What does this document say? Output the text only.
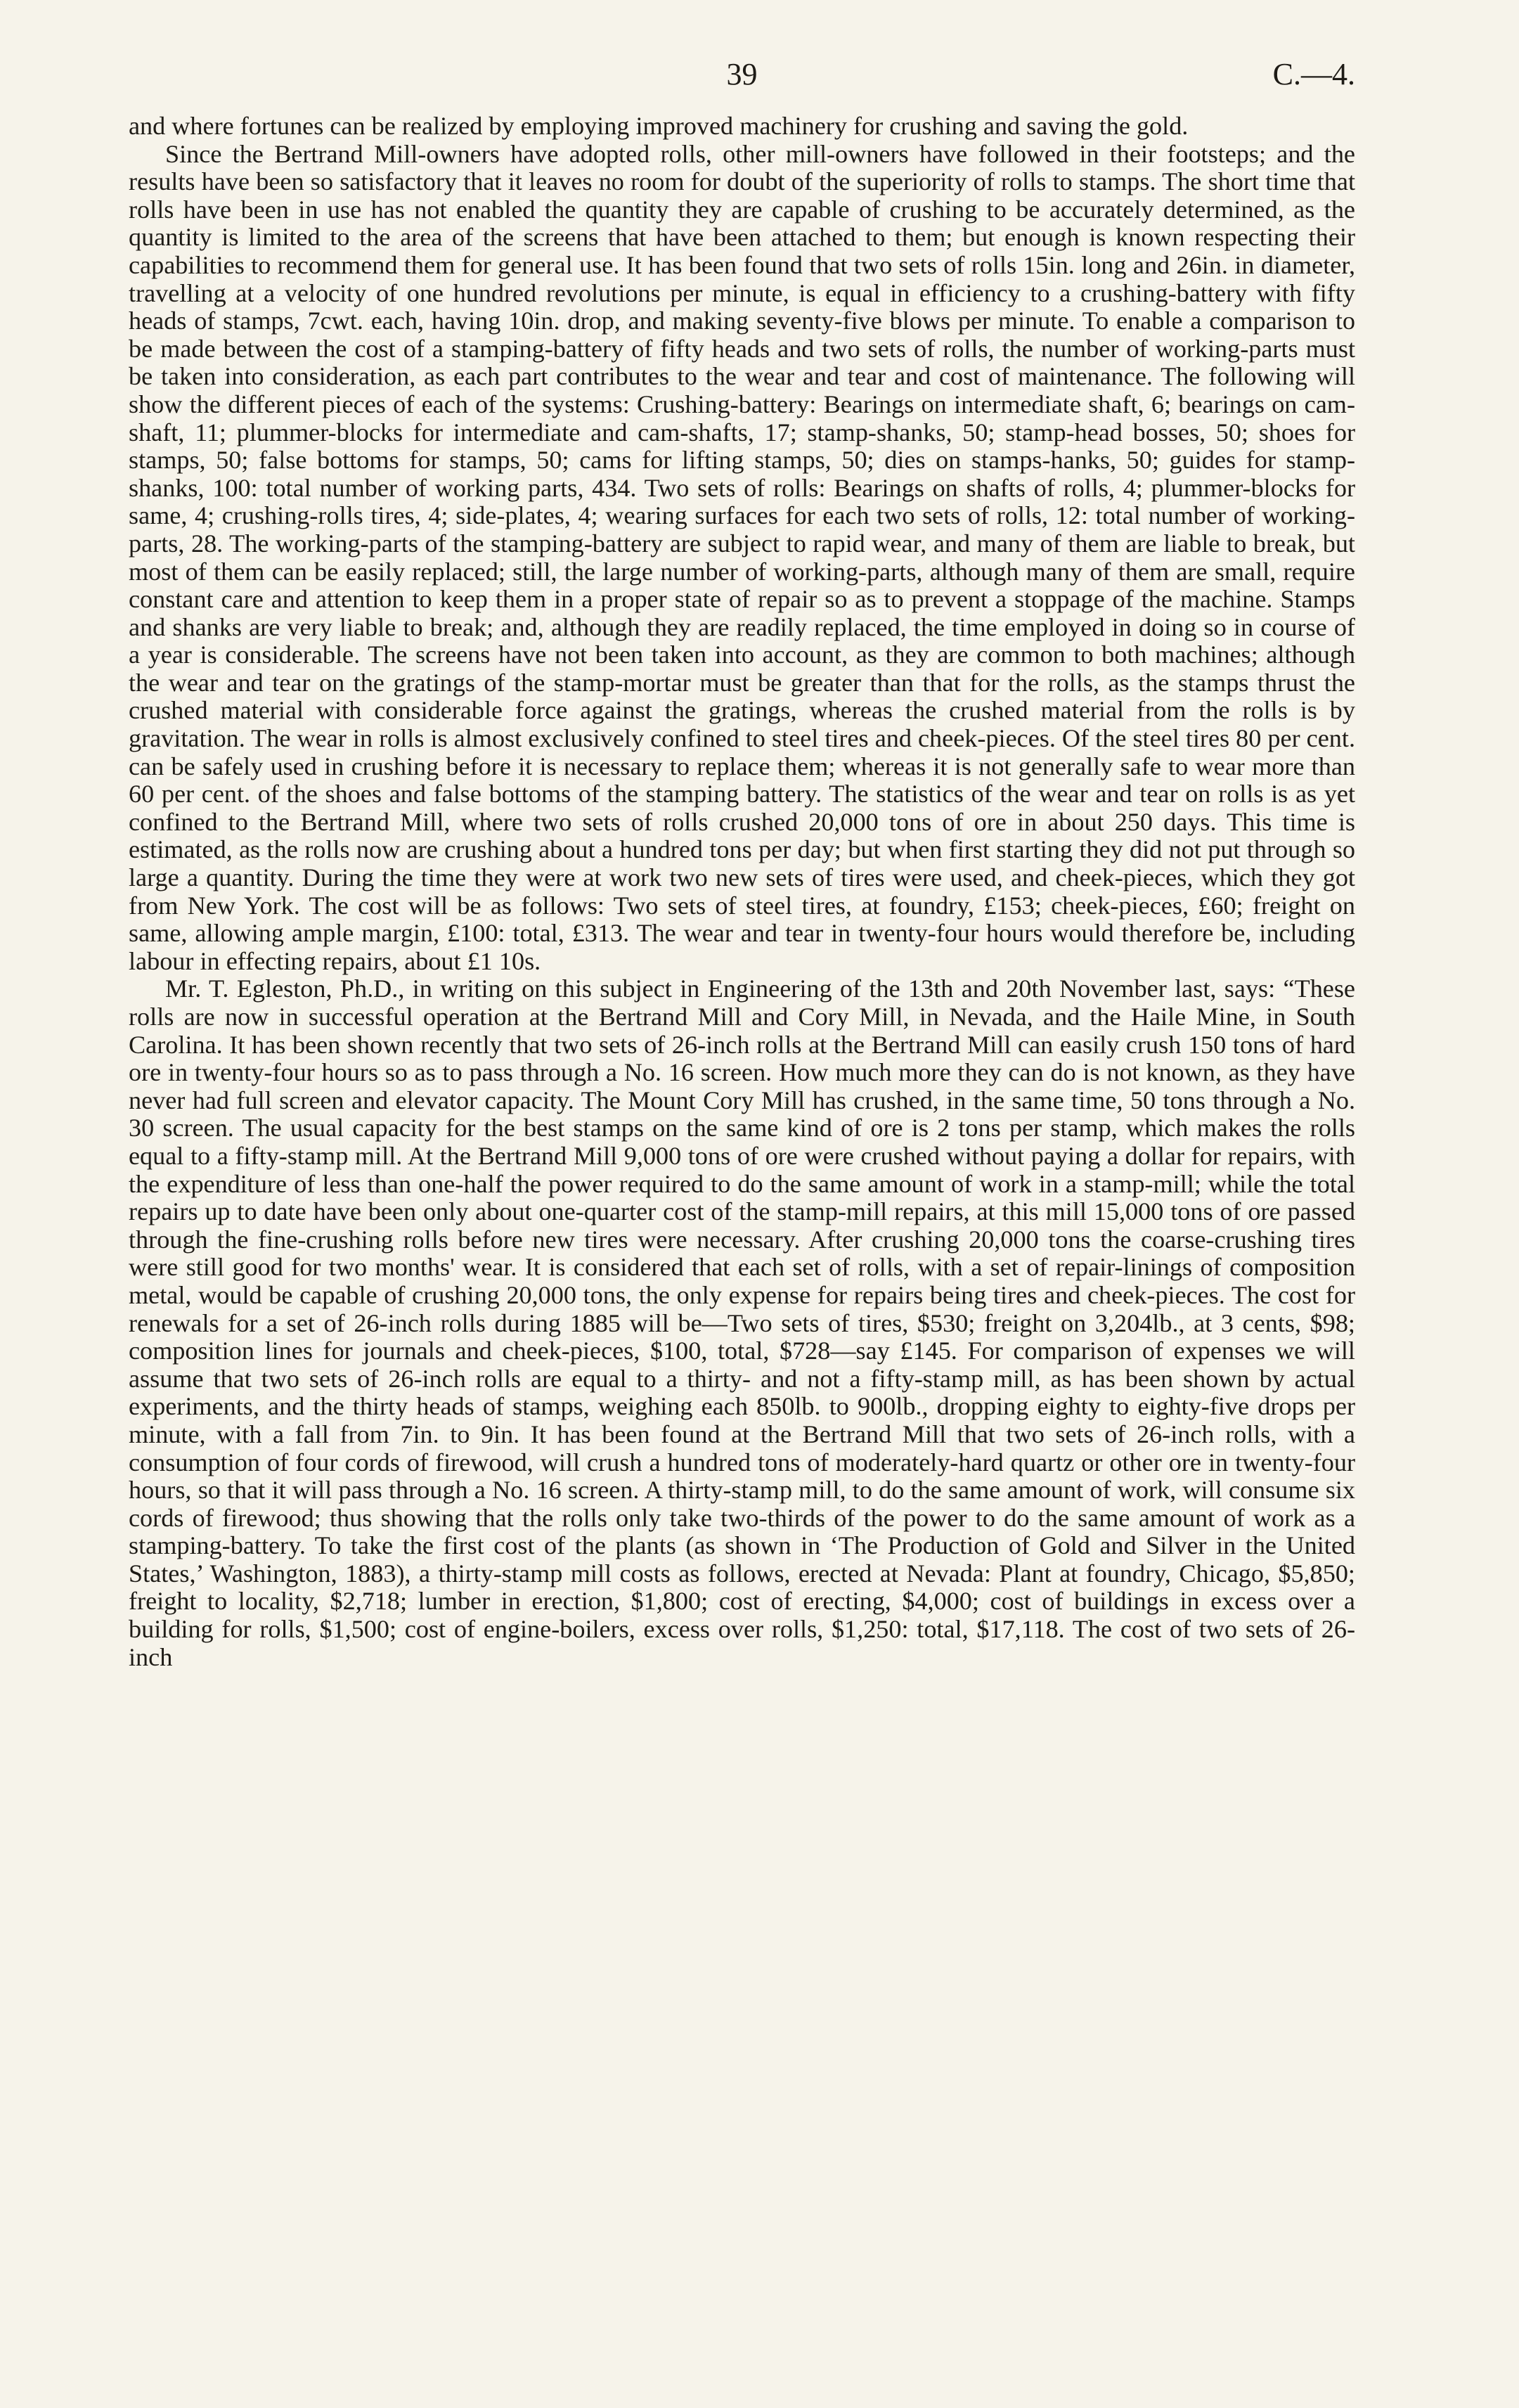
39	C.—4.

and where fortunes can be realized by employing improved machinery for crushing and saving the gold.

Since the Bertrand Mill-owners have adopted rolls, other mill-owners have followed in their footsteps; and the results have been so satisfactory that it leaves no room for doubt of the superiority of rolls to stamps. The short time that rolls have been in use has not enabled the quantity they are capable of crushing to be accurately determined, as the quantity is limited to the area of the screens that have been attached to them; but enough is known respecting their capabilities to recommend them for general use. It has been found that two sets of rolls 15in. long and 26in. in diameter, travelling at a velocity of one hundred revolutions per minute, is equal in efficiency to a crushing-battery with fifty heads of stamps, 7cwt. each, having 10in. drop, and making seventy-five blows per minute. To enable a comparison to be made between the cost of a stamping-battery of fifty heads and two sets of rolls, the number of working-parts must be taken into consideration, as each part contributes to the wear and tear and cost of maintenance. The following will show the different pieces of each of the systems: Crushing-battery: Bearings on intermediate shaft, 6; bearings on cam-shaft, 11; plummer-blocks for intermediate and cam-shafts, 17; stamp-shanks, 50; stamp-head bosses, 50; shoes for stamps, 50; false bottoms for stamps, 50; cams for lifting stamps, 50; dies on stamps-hanks, 50; guides for stamp-shanks, 100: total number of working parts, 434. Two sets of rolls: Bearings on shafts of rolls, 4; plummer-blocks for same, 4; crushing-rolls tires, 4; side-plates, 4; wearing surfaces for each two sets of rolls, 12: total number of working-parts, 28. The working-parts of the stamping-battery are subject to rapid wear, and many of them are liable to break, but most of them can be easily replaced; still, the large number of working-parts, although many of them are small, require constant care and attention to keep them in a proper state of repair so as to prevent a stoppage of the machine. Stamps and shanks are very liable to break; and, although they are readily replaced, the time employed in doing so in course of a year is considerable. The screens have not been taken into account, as they are common to both machines; although the wear and tear on the gratings of the stamp-mortar must be greater than that for the rolls, as the stamps thrust the crushed material with considerable force against the gratings, whereas the crushed material from the rolls is by gravitation. The wear in rolls is almost exclusively confined to steel tires and cheek-pieces. Of the steel tires 80 per cent. can be safely used in crushing before it is necessary to replace them; whereas it is not generally safe to wear more than 60 per cent. of the shoes and false bottoms of the stamping battery. The statistics of the wear and tear on rolls is as yet confined to the Bertrand Mill, where two sets of rolls crushed 20,000 tons of ore in about 250 days. This time is estimated, as the rolls now are crushing about a hundred tons per day; but when first starting they did not put through so large a quantity. During the time they were at work two new sets of tires were used, and cheek-pieces, which they got from New York. The cost will be as follows: Two sets of steel tires, at foundry, £153; cheek-pieces, £60; freight on same, allowing ample margin, £100: total, £313. The wear and tear in twenty-four hours would therefore be, including labour in effecting repairs, about £1 10s.

Mr. T. Egleston, Ph.D., in writing on this subject in Engineering of the 13th and 20th November last, says: “These rolls are now in successful operation at the Bertrand Mill and Cory Mill, in Nevada, and the Haile Mine, in South Carolina. It has been shown recently that two sets of 26-inch rolls at the Bertrand Mill can easily crush 150 tons of hard ore in twenty-four hours so as to pass through a No. 16 screen. How much more they can do is not known, as they have never had full screen and elevator capacity. The Mount Cory Mill has crushed, in the same time, 50 tons through a No. 30 screen. The usual capacity for the best stamps on the same kind of ore is 2 tons per stamp, which makes the rolls equal to a fifty-stamp mill. At the Bertrand Mill 9,000 tons of ore were crushed without paying a dollar for repairs, with the expenditure of less than one-half the power required to do the same amount of work in a stamp-mill; while the total repairs up to date have been only about one-quarter cost of the stamp-mill repairs, at this mill 15,000 tons of ore passed through the fine-crushing rolls before new tires were necessary. After crushing 20,000 tons the coarse-crushing tires were still good for two months' wear. It is considered that each set of rolls, with a set of repair-linings of composition metal, would be capable of crushing 20,000 tons, the only expense for repairs being tires and cheek-pieces. The cost for renewals for a set of 26-inch rolls during 1885 will be—Two sets of tires, $530; freight on 3,204lb., at 3 cents, $98; composition lines for journals and cheek-pieces, $100, total, $728—say £145. For comparison of expenses we will assume that two sets of 26-inch rolls are equal to a thirty- and not a fifty-stamp mill, as has been shown by actual experiments, and the thirty heads of stamps, weighing each 850lb. to 900lb., dropping eighty to eighty-five drops per minute, with a fall from 7in. to 9in. It has been found at the Bertrand Mill that two sets of 26-inch rolls, with a consumption of four cords of firewood, will crush a hundred tons of moderately-hard quartz or other ore in twenty-four hours, so that it will pass through a No. 16 screen. A thirty-stamp mill, to do the same amount of work, will consume six cords of firewood; thus showing that the rolls only take two-thirds of the power to do the same amount of work as a stamping-battery. To take the first cost of the plants (as shown in ‘The Production of Gold and Silver in the United States,’ Washington, 1883), a thirty-stamp mill costs as follows, erected at Nevada: Plant at foundry, Chicago, $5,850; freight to locality, $2,718; lumber in erection, $1,800; cost of erecting, $4,000; cost of buildings in excess over a building for rolls, $1,500; cost of engine-boilers, excess over rolls, $1,250: total, $17,118. The cost of two sets of 26-inch
